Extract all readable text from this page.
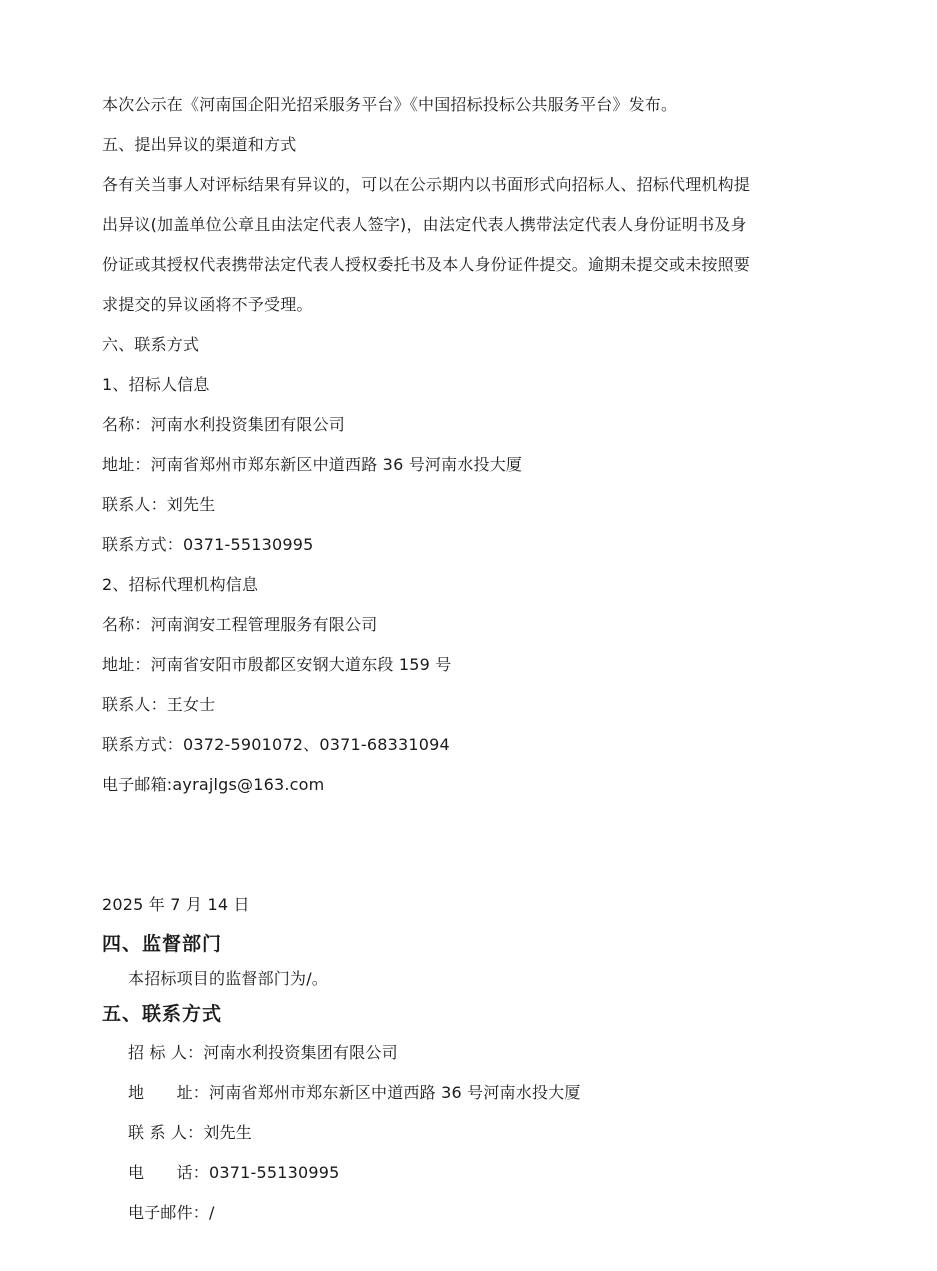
本次公示在《河南国企阳光招采服务平台》《中国招标投标公共服务平台》发布。
五、提出异议的渠道和方式
各有关当事人对评标结果有异议的，可以在公示期内以书面形式向招标人、招标代理机构提
出异议(加盖单位公章且由法定代表人签字)，由法定代表人携带法定代表人身份证明书及身
份证或其授权代表携带法定代表人授权委托书及本人身份证件提交。逾期未提交或未按照要
求提交的异议函将不予受理。
六、联系方式
1、招标人信息
名称：河南水利投资集团有限公司
地址：河南省郑州市郑东新区中道西路 36 号河南水投大厦
联系人：刘先生
联系方式：0371-55130995
2、招标代理机构信息
名称：河南润安工程管理服务有限公司
地址：河南省安阳市殷都区安钢大道东段 159 号
联系人：王女士
联系方式：0372-5901072、0371-68331094
电子邮箱:ayrajlgs@163.com
2025 年 7 月 14 日
四、监督部门
本招标项目的监督部门为/。
五、联系方式
招 标 人：河南水利投资集团有限公司
地　　址：河南省郑州市郑东新区中道西路 36 号河南水投大厦
联 系 人：刘先生
电　　话：0371-55130995
电子邮件：/
